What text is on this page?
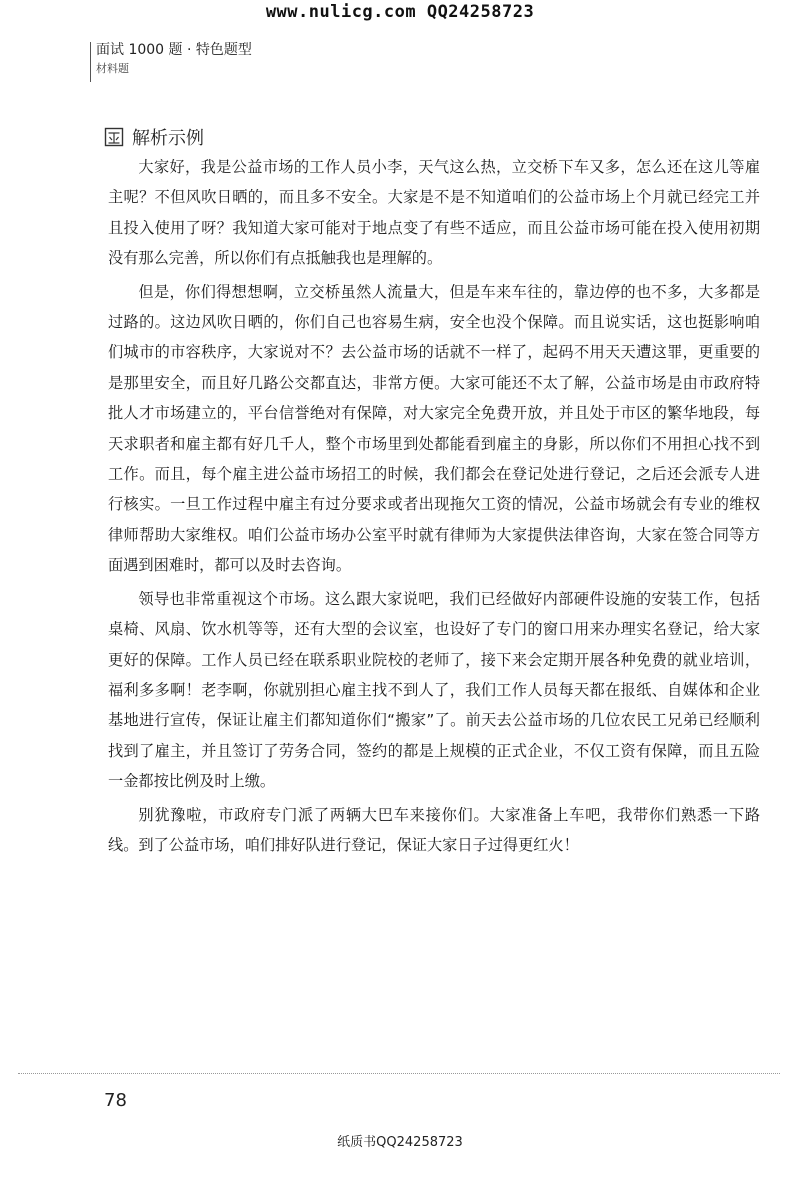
www.nulicg.com QQ24258723
面试 1000 题 · 特色题型
材料题
解析示例

大家好，我是公益市场的工作人员小李，天气这么热，立交桥下车又多，怎么还在这儿等雇主呢？不但风吹日晒的，而且多不安全。大家是不是不知道咱们的公益市场上个月就已经完工并且投入使用了呀？我知道大家可能对于地点变了有些不适应，而且公益市场可能在投入使用初期没有那么完善，所以你们有点抵触我也是理解的。

但是，你们得想想啊，立交桥虽然人流量大，但是车来车往的，靠边停的也不多，大多都是过路的。这边风吹日晒的，你们自己也容易生病，安全也没个保障。而且说实话，这也挺影响咱们城市的市容秩序，大家说对不？去公益市场的话就不一样了，起码不用天天遭这罪，更重要的是那里安全，而且好几路公交都直达，非常方便。大家可能还不太了解，公益市场是由市政府特批人才市场建立的，平台信誉绝对有保障，对大家完全免费开放，并且处于市区的繁华地段，每天求职者和雇主都有好几千人，整个市场里到处都能看到雇主的身影，所以你们不用担心找不到工作。而且，每个雇主进公益市场招工的时候，我们都会在登记处进行登记，之后还会派专人进行核实。一旦工作过程中雇主有过分要求或者出现拖欠工资的情况，公益市场就会有专业的维权律师帮助大家维权。咱们公益市场办公室平时就有律师为大家提供法律咨询，大家在签合同等方面遇到困难时，都可以及时去咨询。

领导也非常重视这个市场。这么跟大家说吧，我们已经做好内部硬件设施的安装工作，包括桌椅、风扇、饮水机等等，还有大型的会议室，也设好了专门的窗口用来办理实名登记，给大家更好的保障。工作人员已经在联系职业院校的老师了，接下来会定期开展各种免费的就业培训，福利多多啊！老李啊，你就别担心雇主找不到人了，我们工作人员每天都在报纸、自媒体和企业基地进行宣传，保证让雇主们都知道你们“搬家”了。前天去公益市场的几位农民工兄弟已经顺利找到了雇主，并且签订了劳务合同，签约的都是上规模的正式企业，不仅工资有保障，而且五险一金都按比例及时上缴。

别犹豫啦，市政府专门派了两辆大巴车来接你们。大家准备上车吧，我带你们熟悉一下路线。到了公益市场，咱们排好队进行登记，保证大家日子过得更红火！

78
纸质书QQ24258723
